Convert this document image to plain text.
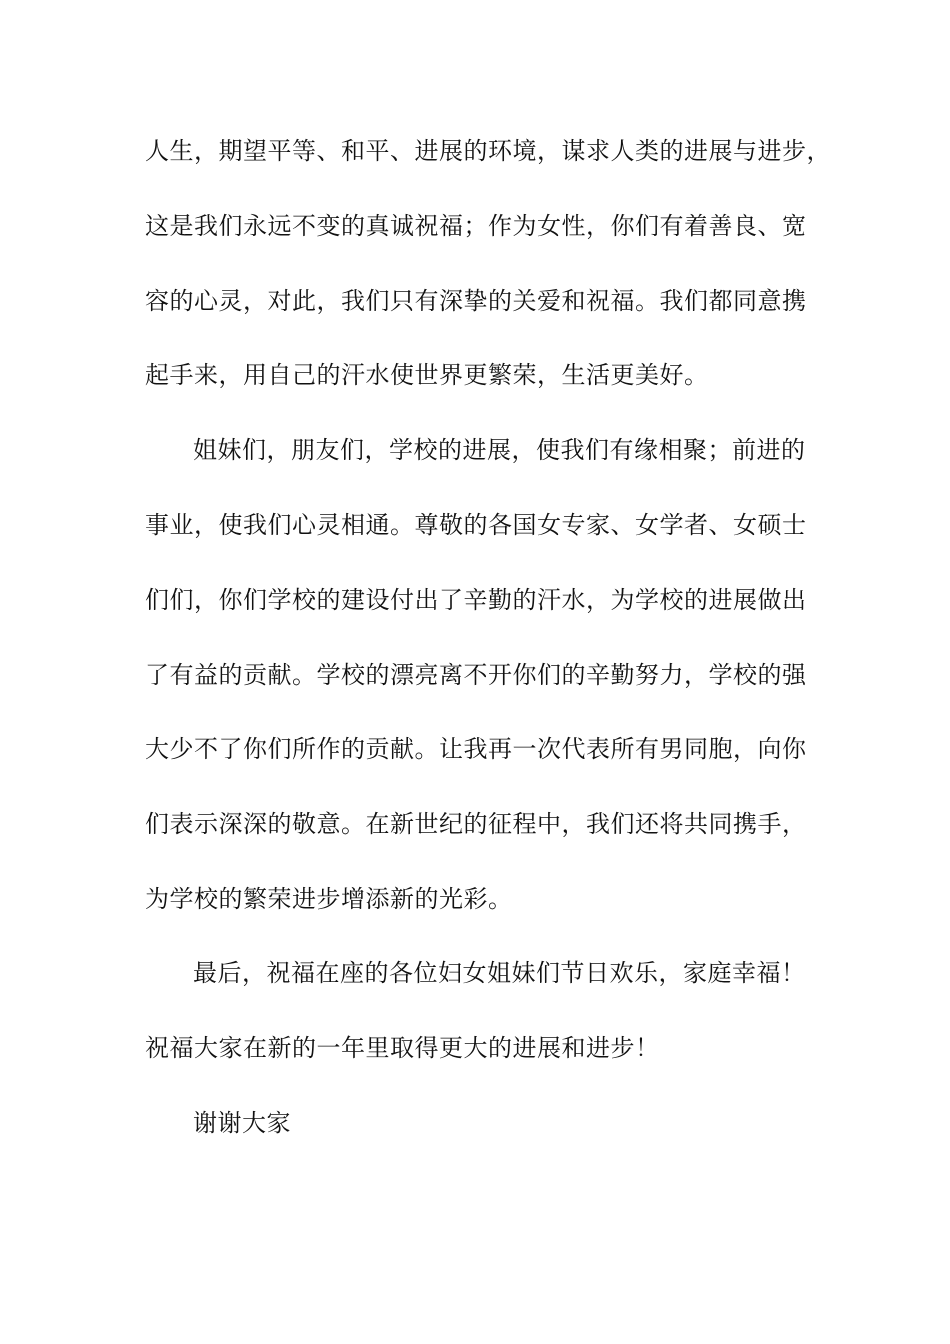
人生，期望平等、和平、进展的环境，谋求人类的进展与进步，
这是我们永远不变的真诚祝福；作为女性，你们有着善良、宽
容的心灵，对此，我们只有深挚的关爱和祝福。我们都同意携
起手来，用自己的汗水使世界更繁荣，生活更美好。
姐妹们，朋友们，学校的进展，使我们有缘相聚；前进的
事业，使我们心灵相通。尊敬的各国女专家、女学者、女硕士
们们，你们学校的建设付出了辛勤的汗水，为学校的进展做出
了有益的贡献。学校的漂亮离不开你们的辛勤努力，学校的强
大少不了你们所作的贡献。让我再一次代表所有男同胞，向你
们表示深深的敬意。在新世纪的征程中，我们还将共同携手，
为学校的繁荣进步增添新的光彩。
最后，祝福在座的各位妇女姐妹们节日欢乐，家庭幸福！
祝福大家在新的一年里取得更大的进展和进步！
谢谢大家
